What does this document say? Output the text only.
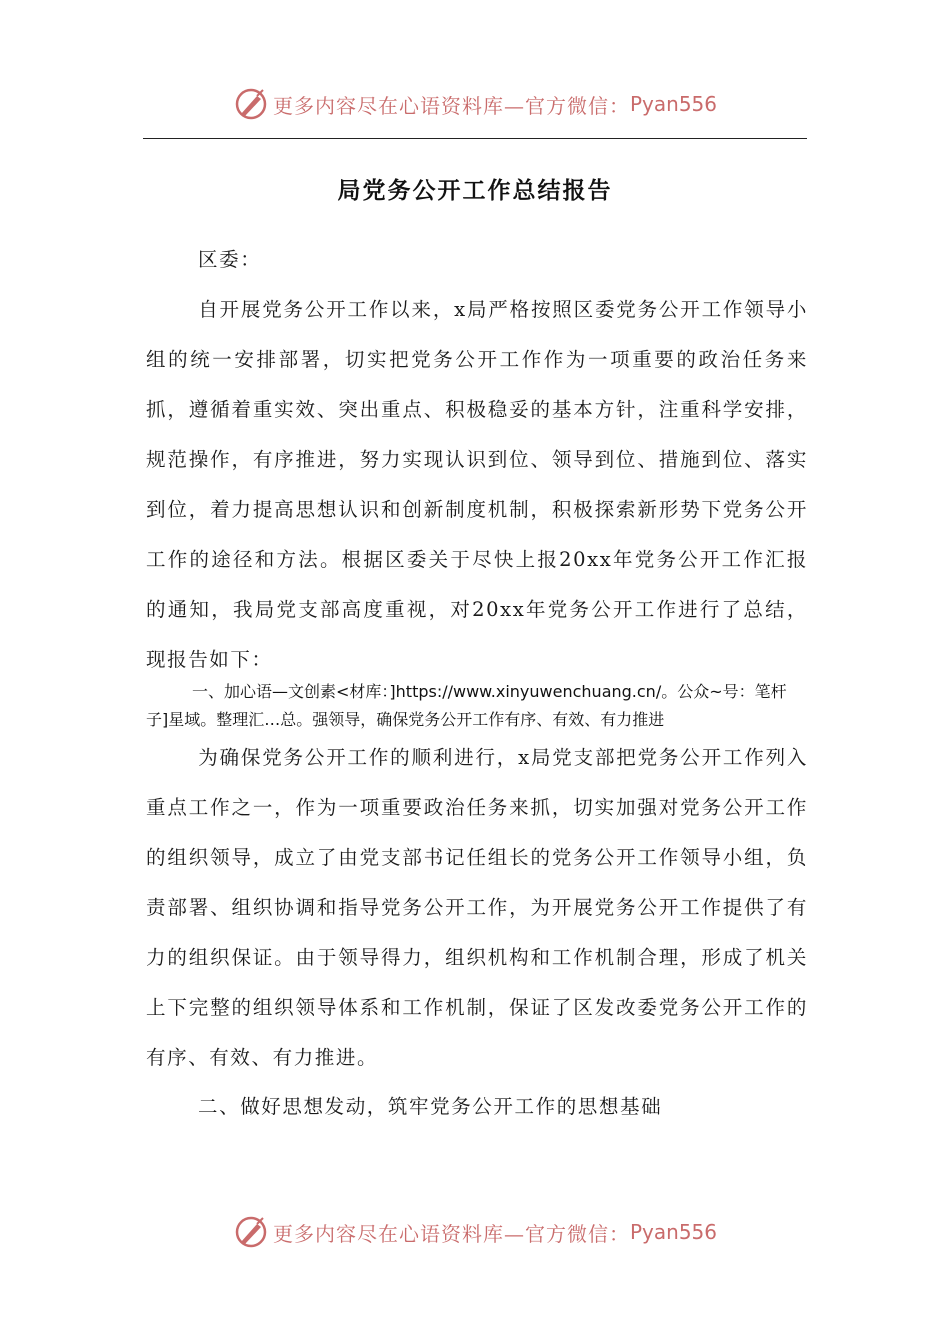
更多内容尽在心语资料库—官方微信： Pyan556
局党务公开工作总结报告

区委：

自开展党务公开工作以来，x局严格按照区委党务公开工作领导小组的统一安排部署，切实把党务公开工作作为一项重要的政治任务来抓，遵循着重实效、突出重点、积极稳妥的基本方针，注重科学安排，规范操作，有序推进，努力实现认识到位、领导到位、措施到位、落实到位，着力提高思想认识和创新制度机制，积极探索新形势下党务公开工作的途径和方法。根据区委关于尽快上报20xx年党务公开工作汇报的通知，我局党支部高度重视，对20xx年党务公开工作进行了总结，现报告如下：

一、加心语—文创素<材库：]https://www.xinyuwenchuang.cn/。公众~号：笔杆子]星域。整理汇…总。强领导，确保党务公开工作有序、有效、有力推进

为确保党务公开工作的顺利进行，x局党支部把党务公开工作列入重点工作之一，作为一项重要政治任务来抓，切实加强对党务公开工作的组织领导，成立了由党支部书记任组长的党务公开工作领导小组，负责部署、组织协调和指导党务公开工作，为开展党务公开工作提供了有力的组织保证。由于领导得力，组织机构和工作机制合理，形成了机关上下完整的组织领导体系和工作机制，保证了区发改委党务公开工作的有序、有效、有力推进。

二、做好思想发动，筑牢党务公开工作的思想基础

更多内容尽在心语资料库—官方微信： Pyan556
